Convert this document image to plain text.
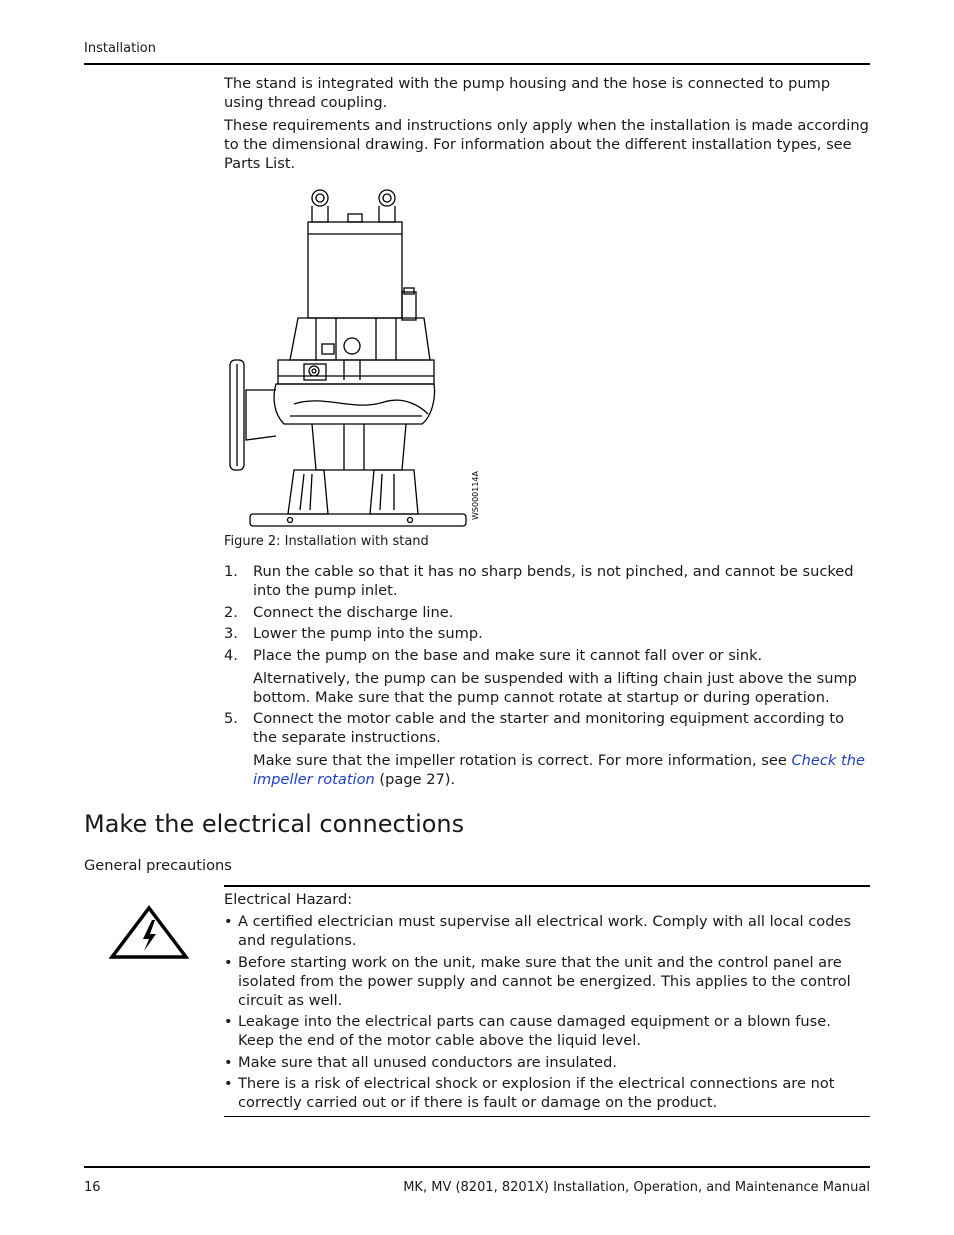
Installation
The stand is integrated with the pump housing and the hose is connected to pump using thread coupling.
These requirements and instructions only apply when the installation is made according to the dimensional drawing. For information about the different installation types, see Parts List.
WS000114A
Figure 2: Installation with stand
1. Run the cable so that it has no sharp bends, is not pinched, and cannot be sucked into the pump inlet.
2. Connect the discharge line.
3. Lower the pump into the sump.
4. Place the pump on the base and make sure it cannot fall over or sink.
Alternatively, the pump can be suspended with a lifting chain just above the sump bottom. Make sure that the pump cannot rotate at startup or during operation.
5. Connect the motor cable and the starter and monitoring equipment according to the separate instructions.
Make sure that the impeller rotation is correct. For more information, see Check the impeller rotation (page 27).
Make the electrical connections
General precautions
Electrical Hazard:
• A certified electrician must supervise all electrical work. Comply with all local codes and regulations.
• Before starting work on the unit, make sure that the unit and the control panel are isolated from the power supply and cannot be energized. This applies to the control circuit as well.
• Leakage into the electrical parts can cause damaged equipment or a blown fuse. Keep the end of the motor cable above the liquid level.
• Make sure that all unused conductors are insulated.
• There is a risk of electrical shock or explosion if the electrical connections are not correctly carried out or if there is fault or damage on the product.
16	MK, MV (8201, 8201X) Installation, Operation, and Maintenance Manual
